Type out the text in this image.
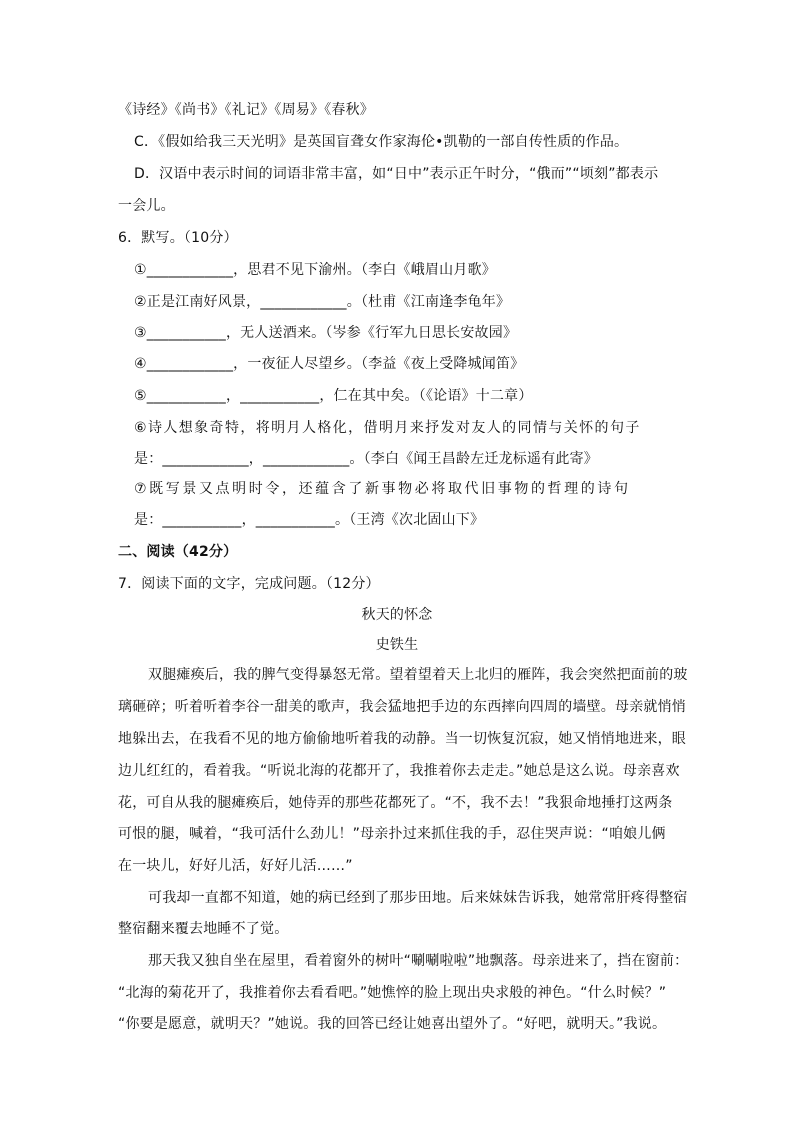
《诗经》《尚书》《礼记》《周易》《春秋》
C．《假如给我三天光明》是英国盲聋女作家海伦•凯勒的一部自传性质的作品。
D．汉语中表示时间的词语非常丰富，如“日中”表示正午时分，“俄而”“顷刻”都表示
一会儿。
6．默写。（10分）
①____________，思君不见下渝州。（李白《峨眉山月歌》
②正是江南好风景，____________。（杜甫《江南逢李龟年》
③___________，无人送酒来。（岑参《行军九日思长安故园》
④____________，一夜征人尽望乡。（李益《夜上受降城闻笛》
⑤___________，___________，仁在其中矣。（《论语》十二章）
⑥诗人想象奇特，将明月人格化，借明月来抒发对友人的同情与关怀的句子
是：____________，____________。（李白《闻王昌龄左迁龙标遥有此寄》
⑦既写景又点明时令，还蕴含了新事物必将取代旧事物的哲理的诗句
是：___________，___________。（王湾《次北固山下》
二、阅读（42分）
7．阅读下面的文字，完成问题。（12分）
秋天的怀念
史铁生
双腿瘫痪后，我的脾气变得暴怒无常。望着望着天上北归的雁阵，我会突然把面前的玻
璃砸碎；听着听着李谷一甜美的歌声，我会猛地把手边的东西摔向四周的墙壁。母亲就悄悄
地躲出去，在我看不见的地方偷偷地听着我的动静。当一切恢复沉寂，她又悄悄地进来，眼
边儿红红的，看着我。“听说北海的花都开了，我推着你去走走。”她总是这么说。母亲喜欢
花，可自从我的腿瘫痪后，她侍弄的那些花都死了。“不，我不去！”我狠命地捶打这两条
可恨的腿，喊着，“我可活什么劲儿！”母亲扑过来抓住我的手，忍住哭声说：“咱娘儿俩
在一块儿，好好儿活，好好儿活……”
可我却一直都不知道，她的病已经到了那步田地。后来妹妹告诉我，她常常肝疼得整宿
整宿翻来覆去地睡不了觉。
那天我又独自坐在屋里，看着窗外的树叶“唰唰啦啦”地飘落。母亲进来了，挡在窗前：
“北海的菊花开了，我推着你去看看吧。”她憔悴的脸上现出央求般的神色。“什么时候？”
“你要是愿意，就明天？”她说。我的回答已经让她喜出望外了。“好吧，就明天。”我说。
